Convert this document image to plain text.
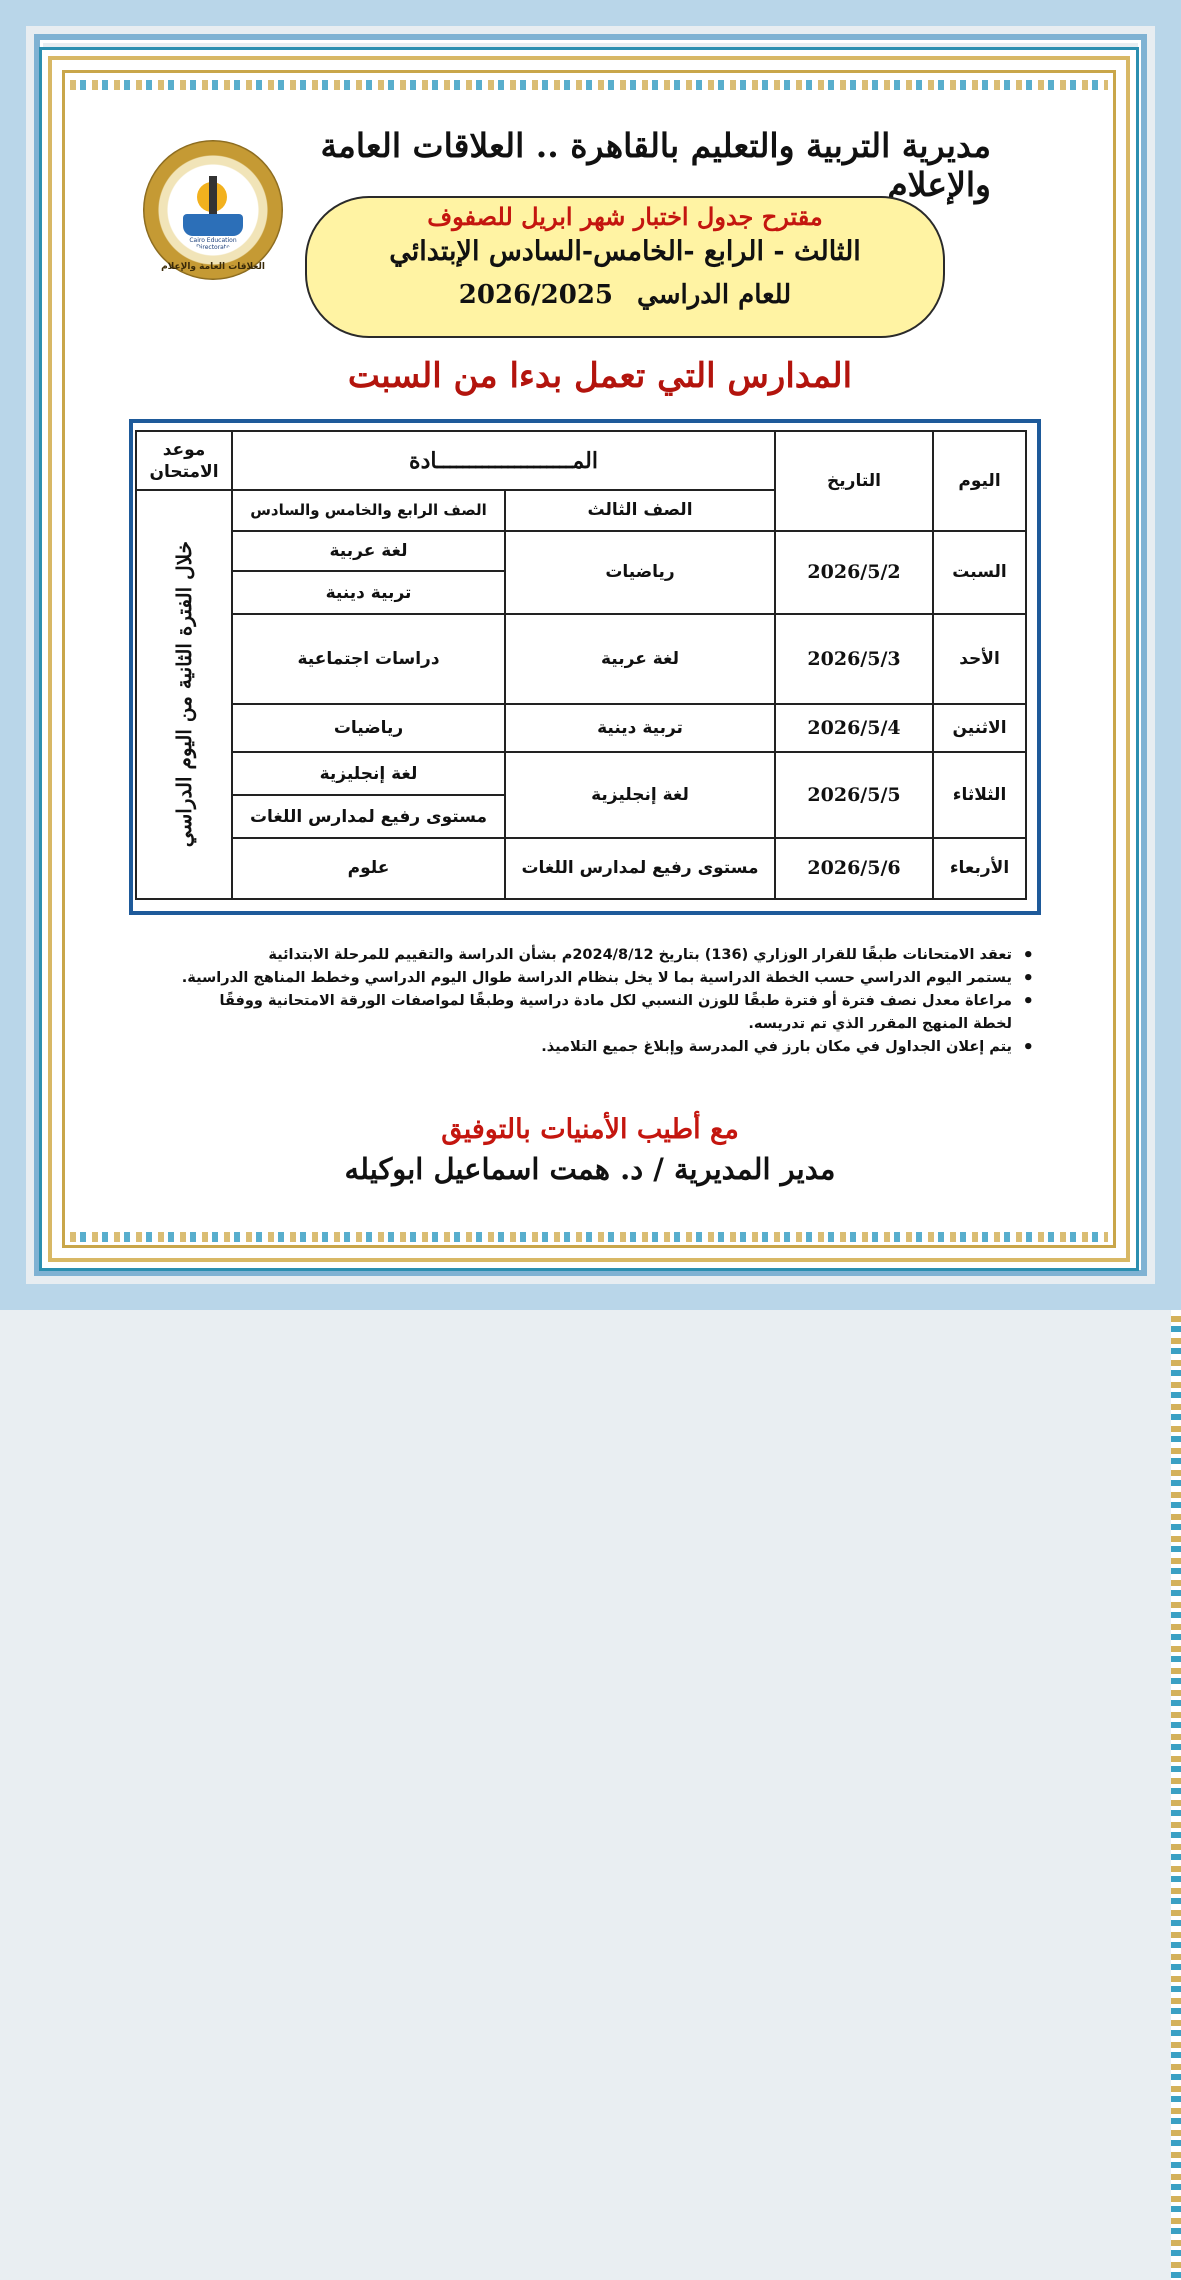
مديرية التربية والتعليم بالقاهرة .. العلاقات العامة والإعلام
Cairo Education Directorate
العلاقات العامة والإعلام
مقترح جدول اختبار شهر ابريل للصفوف
الثالث - الرابع -الخامس-السادس الإبتدائي
للعام الدراسي2026/2025
المدارس التي تعمل بدءا من السبت
اليوم	التاريخ	المـــــــــــــــــــــادة		موعد الامتحان
		الصف الثالث	الصف الرابع والخامس والسادس	خلال الفترة الثانية من اليوم الدراسي

السبت	2026/5/2	رياضيات	لغة عربية	
			تربية دينية	
الأحد	2026/5/3	لغة عربية	دراسات اجتماعية	
الاثنين	2026/5/4	تربية دينية	رياضيات	
الثلاثاء	2026/5/5	لغة إنجليزية	لغة إنجليزية	
			مستوى رفيع لمدارس اللغات	
الأربعاء	2026/5/6	مستوى رفيع لمدارس اللغات	علوم	
• تعقد الامتحانات طبقًا للقرار الوزاري (136) بتاريخ 2024/8/12م بشأن الدراسة والتقييم للمرحلة الابتدائية
• يستمر اليوم الدراسي حسب الخطة الدراسية بما لا يخل بنظام الدراسة طوال اليوم الدراسي وخطط المناهج الدراسية.
• مراعاة معدل نصف فترة أو فترة طبقًا للوزن النسبي لكل مادة دراسية وطبقًا لمواصفات الورقة الامتحانية ووفقًا لخطة المنهج المقرر الذي تم تدريسه.
• يتم إعلان الجداول في مكان بارز في المدرسة وإبلاغ جميع التلاميذ.
مع أطيب الأمنيات بالتوفيق
مدير المديرية / د. همت اسماعيل ابوكيله
